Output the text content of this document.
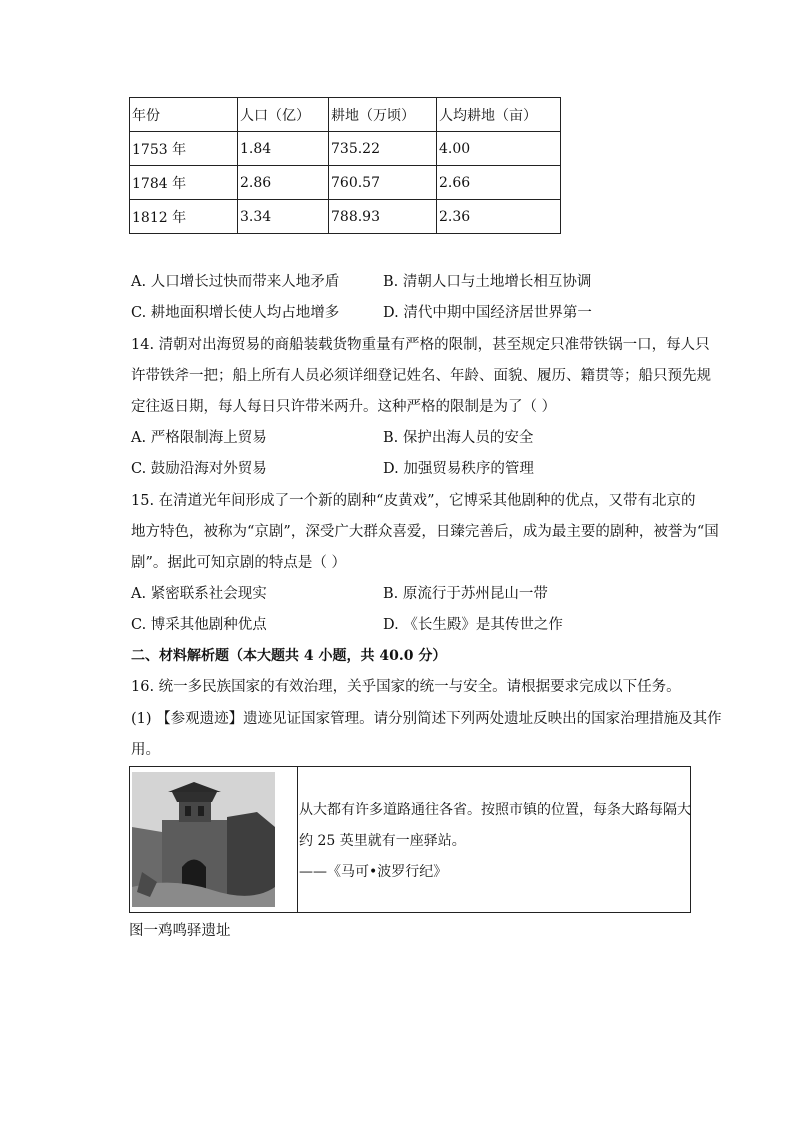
年份	人口（亿）	耕地（万顷）	人均耕地（亩）
1753 年	1.84	735.22	4.00
1784 年	2.86	760.57	2.66
1812 年	3.34	788.93	2.36
A. 人口增长过快而带来人地矛盾	B. 清朝人口与土地增长相互协调
C. 耕地面积增长使人均占地增多	D. 清代中期中国经济居世界第一
14. 清朝对出海贸易的商船装载货物重量有严格的限制，甚至规定只准带铁锅一口，每人只
许带铁斧一把；船上所有人员必须详细登记姓名、年龄、面貌、履历、籍贯等；船只预先规
定往返日期，每人每日只许带米两升。这种严格的限制是为了（ ）
A. 严格限制海上贸易	B. 保护出海人员的安全
C. 鼓励沿海对外贸易	D. 加强贸易秩序的管理
15. 在清道光年间形成了一个新的剧种“皮黄戏”，它博采其他剧种的优点，又带有北京的
地方特色，被称为“京剧”，深受广大群众喜爱，日臻完善后，成为最主要的剧种，被誉为“国
剧”。据此可知京剧的特点是（ ）
A. 紧密联系社会现实	B. 原流行于苏州昆山一带
C. 博采其他剧种优点	D. 《长生殿》是其传世之作
二、材料解析题（本大题共 4 小题，共 40.0 分）
16. 统一多民族国家的有效治理，关乎国家的统一与安全。请根据要求完成以下任务。
(1) 【参观遗迹】遗迹见证国家管理。请分别简述下列两处遗址反映出的国家治理措施及其作
用。
从大都有许多道路通往各省。按照市镇的位置，每条大路每隔大
约 25 英里就有一座驿站。
——《马可•波罗行纪》
图一鸡鸣驿遗址
